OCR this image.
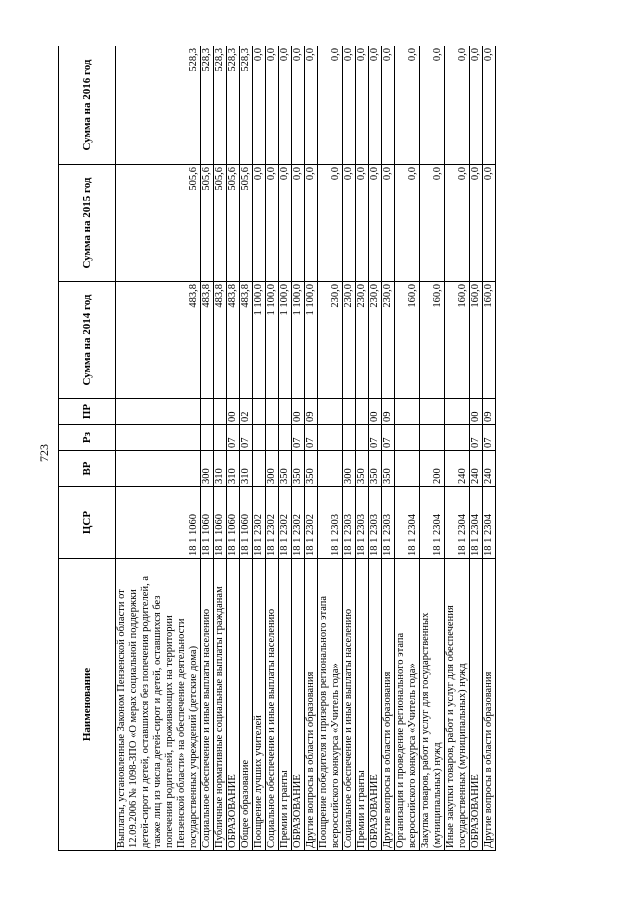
723
Наименование	ЦСР	ВР	Рз	ПР	Сумма на 2014 год	Сумма на 2015 год	Сумма на 2016 год
Выплаты, установленные Законом Пензенской области от 12.09.2006 № 1098-ЗПО «О мерах социальной поддержки детей-сирот и детей, оставшихся без попечения родителей, а также лиц из числа детей-сирот и детей, оставшихся без попечения родителей, проживающих на территории Пензенской области» на обеспечение деятельности государственных учреждений (детские дома)	18 1 1060				483,8	505,6	528,3
Социальное обеспечение и иные выплаты населению	18 1 1060	300			483,8	505,6	528,3
Публичные нормативные социальные выплаты гражданам	18 1 1060	310			483,8	505,6	528,3
ОБРАЗОВАНИЕ	18 1 1060	310	07	00	483,8	505,6	528,3
Общее образование	18 1 1060	310	07	02	483,8	505,6	528,3
Поощрение лучших учителей	18 1 2302				1 100,0	0,0	0,0
Социальное обеспечение и иные выплаты населению	18 1 2302	300			1 100,0	0,0	0,0
Премии и гранты	18 1 2302	350			1 100,0	0,0	0,0
ОБРАЗОВАНИЕ	18 1 2302	350	07	00	1 100,0	0,0	0,0
Другие вопросы в области образования	18 1 2302	350	07	09	1 100,0	0,0	0,0
Поощрение победителя и призеров регионального этапа всероссийского конкурса «Учитель года»	18 1 2303				230,0	0,0	0,0
Социальное обеспечение и иные выплаты населению	18 1 2303	300			230,0	0,0	0,0
Премии и гранты	18 1 2303	350			230,0	0,0	0,0
ОБРАЗОВАНИЕ	18 1 2303	350	07	00	230,0	0,0	0,0
Другие вопросы в области образования	18 1 2303	350	07	09	230,0	0,0	0,0
Организация и проведение регионального этапа всероссийского конкурса «Учитель года»	18 1 2304				160,0	0,0	0,0
Закупка товаров, работ и услуг для государственных (муниципальных) нужд	18 1 2304	200			160,0	0,0	0,0
Иные закупки товаров, работ и услуг для обеспечения государственных (муниципальных) нужд	18 1 2304	240			160,0	0,0	0,0
ОБРАЗОВАНИЕ	18 1 2304	240	07	00	160,0	0,0	0,0
Другие вопросы в области образования	18 1 2304	240	07	09	160,0	0,0	0,0
